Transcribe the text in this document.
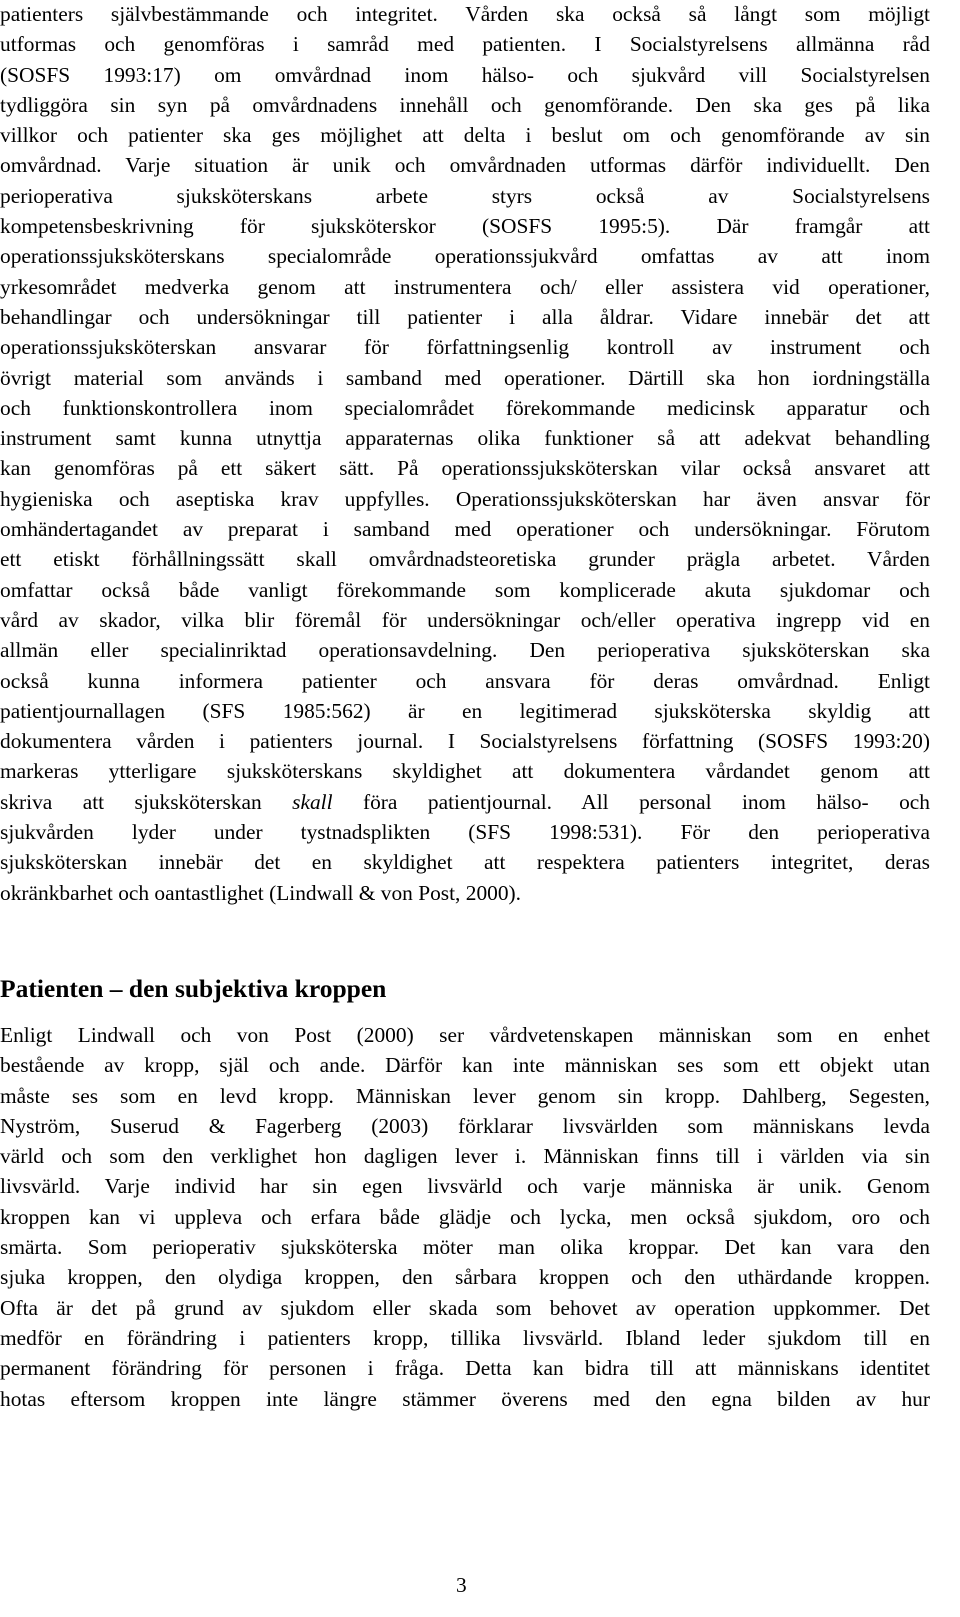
patienters självbestämmande och integritet. Vården ska också så långt som möjligt
utformas och genomföras i samråd med patienten. I Socialstyrelsens allmänna råd
(SOSFS 1993:17) om omvårdnad inom hälso- och sjukvård vill Socialstyrelsen
tydliggöra sin syn på omvårdnadens innehåll och genomförande. Den ska ges på lika
villkor och patienter ska ges möjlighet att delta i beslut om och genomförande av sin
omvårdnad. Varje situation är unik och omvårdnaden utformas därför individuellt. Den
perioperativa sjuksköterskans arbete styrs också av Socialstyrelsens
kompetensbeskrivning för sjuksköterskor (SOSFS 1995:5). Där framgår att
operationssjuksköterskans specialområde operationssjukvård omfattas av att inom
yrkesområdet medverka genom att instrumentera och/ eller assistera vid operationer,
behandlingar och undersökningar till patienter i alla åldrar. Vidare innebär det att
operationssjuksköterskan ansvarar för författningsenlig kontroll av instrument och
övrigt material som används i samband med operationer. Därtill ska hon iordningställa
och funktionskontrollera inom specialområdet förekommande medicinsk apparatur och
instrument samt kunna utnyttja apparaternas olika funktioner så att adekvat behandling
kan genomföras på ett säkert sätt. På operationssjuksköterskan vilar också ansvaret att
hygieniska och aseptiska krav uppfylles. Operationssjuksköterskan har även ansvar för
omhändertagandet av preparat i samband med operationer och undersökningar. Förutom
ett etiskt förhållningssätt skall omvårdnadsteoretiska grunder prägla arbetet. Vården
omfattar också både vanligt förekommande som komplicerade akuta sjukdomar och
vård av skador, vilka blir föremål för undersökningar och/eller operativa ingrepp vid en
allmän eller specialinriktad operationsavdelning. Den perioperativa sjuksköterskan ska
också kunna informera patienter och ansvara för deras omvårdnad. Enligt
patientjournallagen (SFS 1985:562) är en legitimerad sjuksköterska skyldig att
dokumentera vården i patienters journal. I Socialstyrelsens författning (SOSFS 1993:20)
markeras ytterligare sjuksköterskans skyldighet att dokumentera vårdandet genom att
skriva att sjuksköterskan skall föra patientjournal. All personal inom hälso- och
sjukvården lyder under tystnadsplikten (SFS 1998:531). För den perioperativa
sjuksköterskan innebär det en skyldighet att respektera patienters integritet, deras
okränkbarhet och oantastlighet (Lindwall & von Post, 2000).

Patienten – den subjektiva kroppen

Enligt Lindwall och von Post (2000) ser vårdvetenskapen människan som en enhet
bestående av kropp, själ och ande. Därför kan inte människan ses som ett objekt utan
måste ses som en levd kropp. Människan lever genom sin kropp. Dahlberg, Segesten,
Nyström, Suserud & Fagerberg (2003) förklarar livsvärlden som människans levda
värld och som den verklighet hon dagligen lever i. Människan finns till i världen via sin
livsvärld. Varje individ har sin egen livsvärld och varje människa är unik. Genom
kroppen kan vi uppleva och erfara både glädje och lycka, men också sjukdom, oro och
smärta. Som perioperativ sjuksköterska möter man olika kroppar. Det kan vara den
sjuka kroppen, den olydiga kroppen, den sårbara kroppen och den uthärdande kroppen.
Ofta är det på grund av sjukdom eller skada som behovet av operation uppkommer. Det
medför en förändring i patienters kropp, tillika livsvärld. Ibland leder sjukdom till en
permanent förändring för personen i fråga. Detta kan bidra till att människans identitet
hotas eftersom kroppen inte längre stämmer överens med den egna bilden av hur

3
